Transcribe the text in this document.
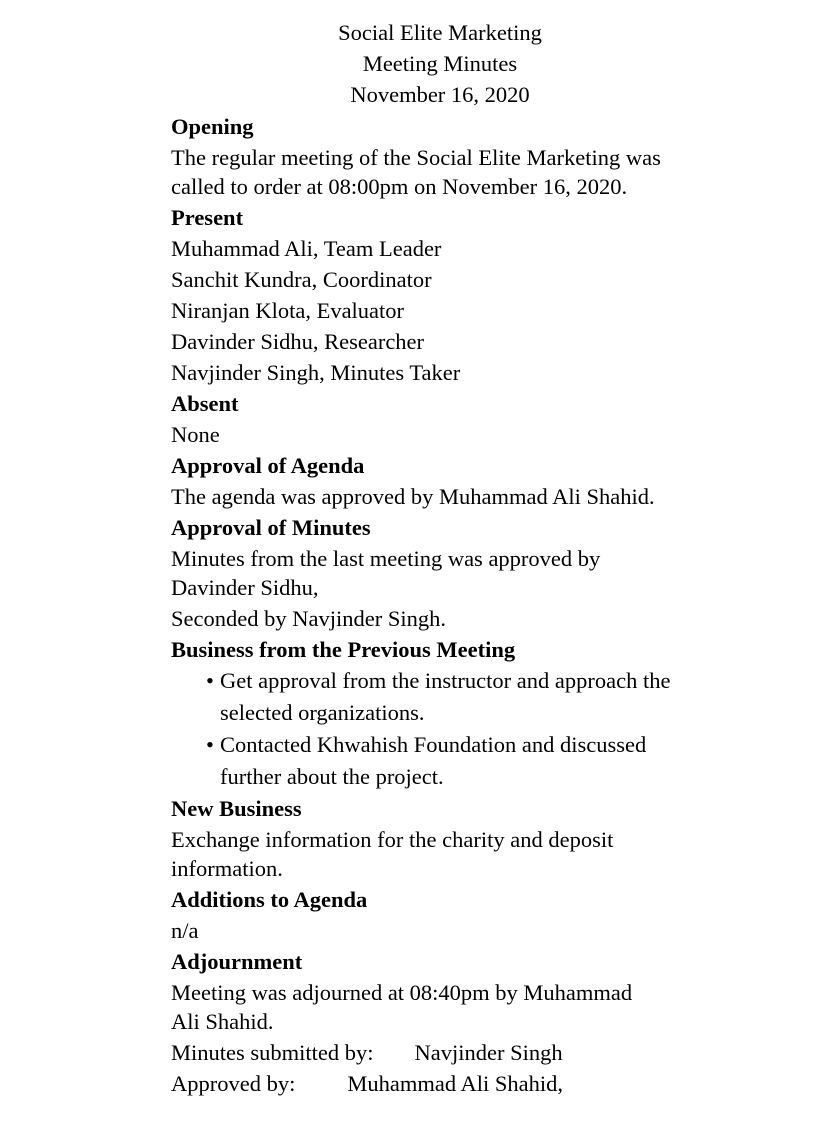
Social Elite Marketing
Meeting Minutes
November 16, 2020
Opening
The regular meeting of the Social Elite Marketing was
called to order at 08:00pm on November 16, 2020.
Present
Muhammad Ali, Team Leader
Sanchit Kundra, Coordinator
Niranjan Klota, Evaluator
Davinder Sidhu, Researcher
Navjinder Singh, Minutes Taker
Absent
None
Approval of Agenda
The agenda was approved by Muhammad Ali Shahid.
Approval of Minutes
Minutes from the last meeting was approved by
Davinder Sidhu,
Seconded by Navjinder Singh.
Business from the Previous Meeting
• Get approval from the instructor and approach the
selected organizations.
• Contacted Khwahish Foundation and discussed
further about the project.
New Business
Exchange information for the charity and deposit
information.
Additions to Agenda
n/a
Adjournment
Meeting was adjourned at 08:40pm by Muhammad
Ali Shahid.
Minutes submitted by: Navjinder Singh
Approved by: Muhammad Ali Shahid,
